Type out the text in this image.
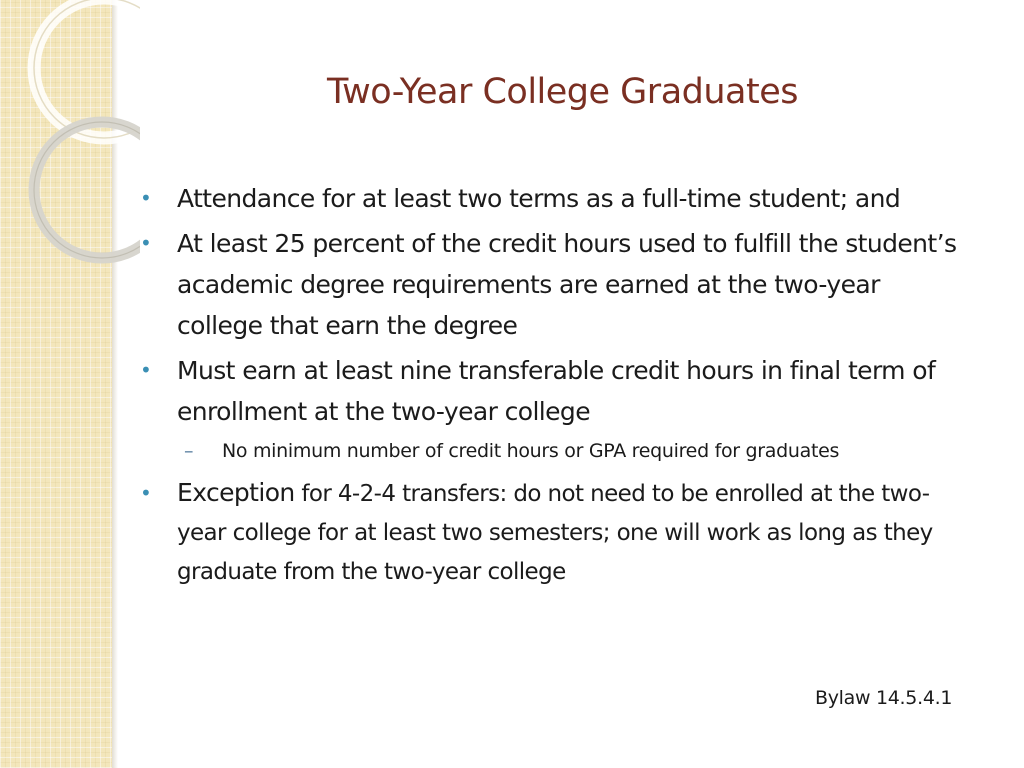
Two-Year College Graduates
• Attendance for at least two terms as a full-time student; and
• At least 25 percent of the credit hours used to fulfill the student’s academic degree requirements are earned at the two-year college that earn the degree
• Must earn at least nine transferable credit hours in final term of enrollment at the two-year college
– No minimum number of credit hours or GPA required for graduates
• Exception for 4-2-4 transfers: do not need to be enrolled at the two-year college for at least two semesters; one will work as long as they graduate from the two-year college
Bylaw 14.5.4.1
